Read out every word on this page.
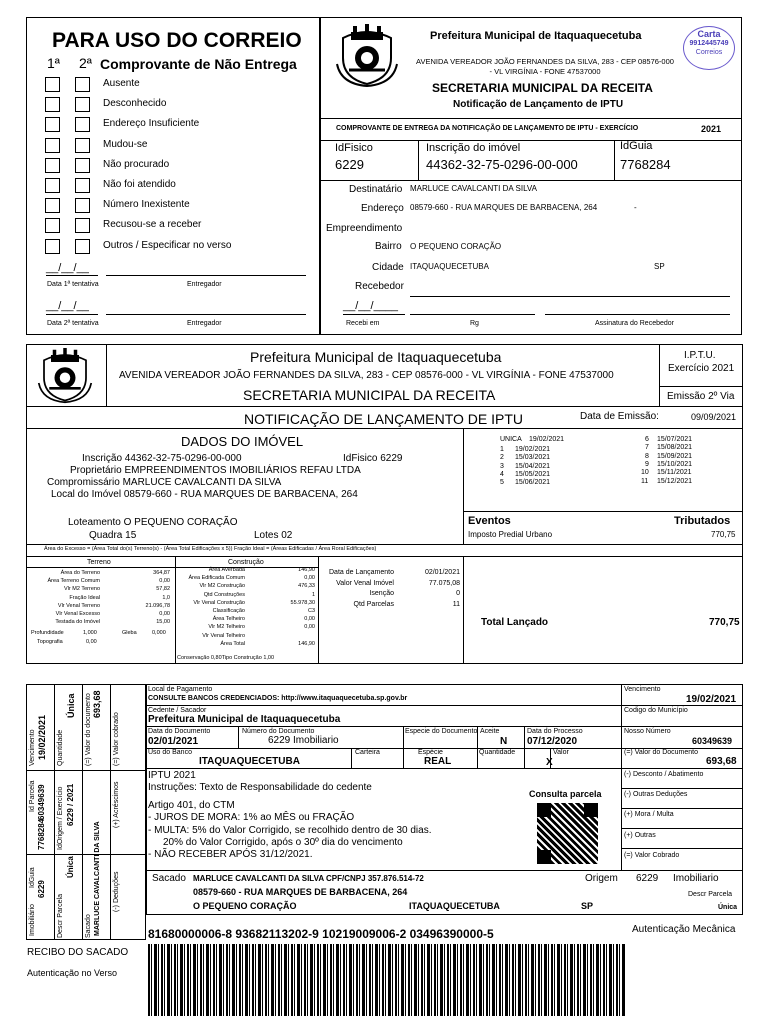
PARA USO DO CORREIO
1ª 2ª Comprovante de Não Entrega
Ausente
Desconhecido
Endereço Insuficiente
Mudou-se
Não procurado
Não foi atendido
Número Inexistente
Recusou-se a receber
Outros / Especificar no verso
__/__/__
Data 1ª tentativa	Entregador
__/__/__
Data 2ª tentativa	Entregador
Prefeitura Municipal de Itaquaquecetuba
AVENIDA VEREADOR JOÃO FERNANDES DA SILVA, 283 - CEP 08576-000 - VL VIRGÍNIA - FONE 47537000
Carta
9912445749
Correios
SECRETARIA MUNICIPAL DA RECEITA
Notificação de Lançamento de IPTU
COMPROVANTE DE ENTREGA DA NOTIFICAÇÃO DE LANÇAMENTO DE IPTU - EXERCÍCIO	2021
IdFisico
6229
Inscrição do imóvel
44362-32-75-0296-00-000
IdGuia
7768284
Destinatário MARLUCE CAVALCANTI DA SILVA
Endereço 08579-660 - RUA MARQUES DE BARBACENA, 264	-
Empreendimento
Bairro O PEQUENO CORAÇÃO
Cidade ITAQUAQUECETUBA	SP
Recebedor
__/__/____
Recebi em	Rg	Assinatura do Recebedor
Prefeitura Municipal de Itaquaquecetuba
AVENIDA VEREADOR JOÃO FERNANDES DA SILVA, 283 - CEP 08576-000 - VL VIRGÍNIA - FONE 47537000
SECRETARIA MUNICIPAL DA RECEITA
I.P.T.U.
Exercício 2021
Emissão 2º Via
NOTIFICAÇÃO DE LANÇAMENTO DE IPTU	Data de Emissão:	09/09/2021
DADOS DO IMÓVEL
Inscrição 44362-32-75-0296-00-000	IdFisico 6229
Proprietário EMPREENDIMENTOS IMOBILIÁRIOS REFAU LTDA
Compromissário MARLUCE CAVALCANTI DA SILVA
Local do Imóvel 08579-660 - RUA MARQUES DE BARBACENA, 264
Loteamento O PEQUENO CORAÇÃO
Quadra 15	Lotes 02
UNICA 19/02/2021
1 19/02/2021
2 15/03/2021
3 15/04/2021
4 15/05/2021
5 15/06/2021
6 15/07/2021
7 15/08/2021
8 15/09/2021
9 15/10/2021
10 15/11/2021
11 15/12/2021
Eventos	Tributados
Imposto Predial Urbano	770,75
Área do Excesso = (Área Total do(s) Terreno(s) - (Área Total Edificações x 5)) Fração Ideal = (Áreas Edificadas / Área Roral Edificações)
Terreno	Construção
Área do Terreno	364,87
Área Terreno Comum	0,00
Vlr M2 Terreno	57,82
Fração Ideal	1,0
Vlr Venal Terreno	21.096,78
Vlr Venal Excesso	0,00
Testada do Imóvel	15,00
Profundidade	1,000	Gleba	0,000
Topografia	0,00
Área Averbada	146,90
Área Edificada Comum	0,00
Vlr M2 Construção	476,33
Qtd Construções	1
Vlr Venal Construção	55.978,30
Classificação	C3
Área Telheiro	0,00
Vlr M2 Telheiro	0,00
Vlr Venal Telheiro
Área Total	146,90
Conservação 0,80Tipo Construção 1,00
Data de Lançamento	02/01/2021
Valor Venal Imóvel	77.075,08
Isenção	0
Qtd Parcelas	11
Total Lançado	770,75
19/02/2021
Vencimento
Única
Quantidade
693,68
(=) Valor do documento	(=) Valor cobrado
60349639
Id Parcela	6229 / 2021
IdOrigem / Exercício	(+) Acréscimos
7768284
IdGuia	Única
Descr Parcela	MARLUCE CAVALCANTI DA SILVA
Sacado
(-) Deduções
6229
Imobiliário
RECIBO DO SACADO
Autenticação no Verso
Local de Pagamento
CONSULTE BANCOS CREDENCIADOS: http://www.itaquaquecetuba.sp.gov.br
Vencimento
19/02/2021
Cedente / Sacador
Prefeitura Municipal de Itaquaquecetuba
Codigo do Município
Data do Documento
02/01/2021
Número do Documento
6229 Imobiliario
Especie do Documento Aceite
N
Data do Processo
07/12/2020
Nosso Número
60349639
Uso do Banco
ITAQUAQUECETUBA
Carteira	Espécie
REAL
Quantidade	Valor
X
(=) Valor do Documento
693,68
IPTU 2021
Instruções: Texto de Responsabilidade do cedente
Consulta parcela
Artigo 401, do CTM
- JUROS DE MORA: 1% ao MÊS ou FRAÇÃO
- MULTA: 5% do Valor Corrigido, se recolhido dentro de 30 dias.
20% do Valor Corrigido, após o 30º dia do vencimento
- NÃO RECEBER APÓS 31/12/2021.
(-) Desconto / Abatimento
(-) Outras Deduções
(+) Mora / Multa
(+) Outras
(=) Valor Cobrado
Sacado MARLUCE CAVALCANTI DA SILVA CPF/CNPJ 357.876.514-72	Origem 6229 Imobiliario
08579-660 - RUA MARQUES DE BARBACENA, 264	Descr Parcela
O PEQUENO CORAÇÃO	ITAQUAQUECETUBA	SP	Única
81680000006-8 93682113202-9 10219009006-2 03496390000-5	Autenticação Mecânica
